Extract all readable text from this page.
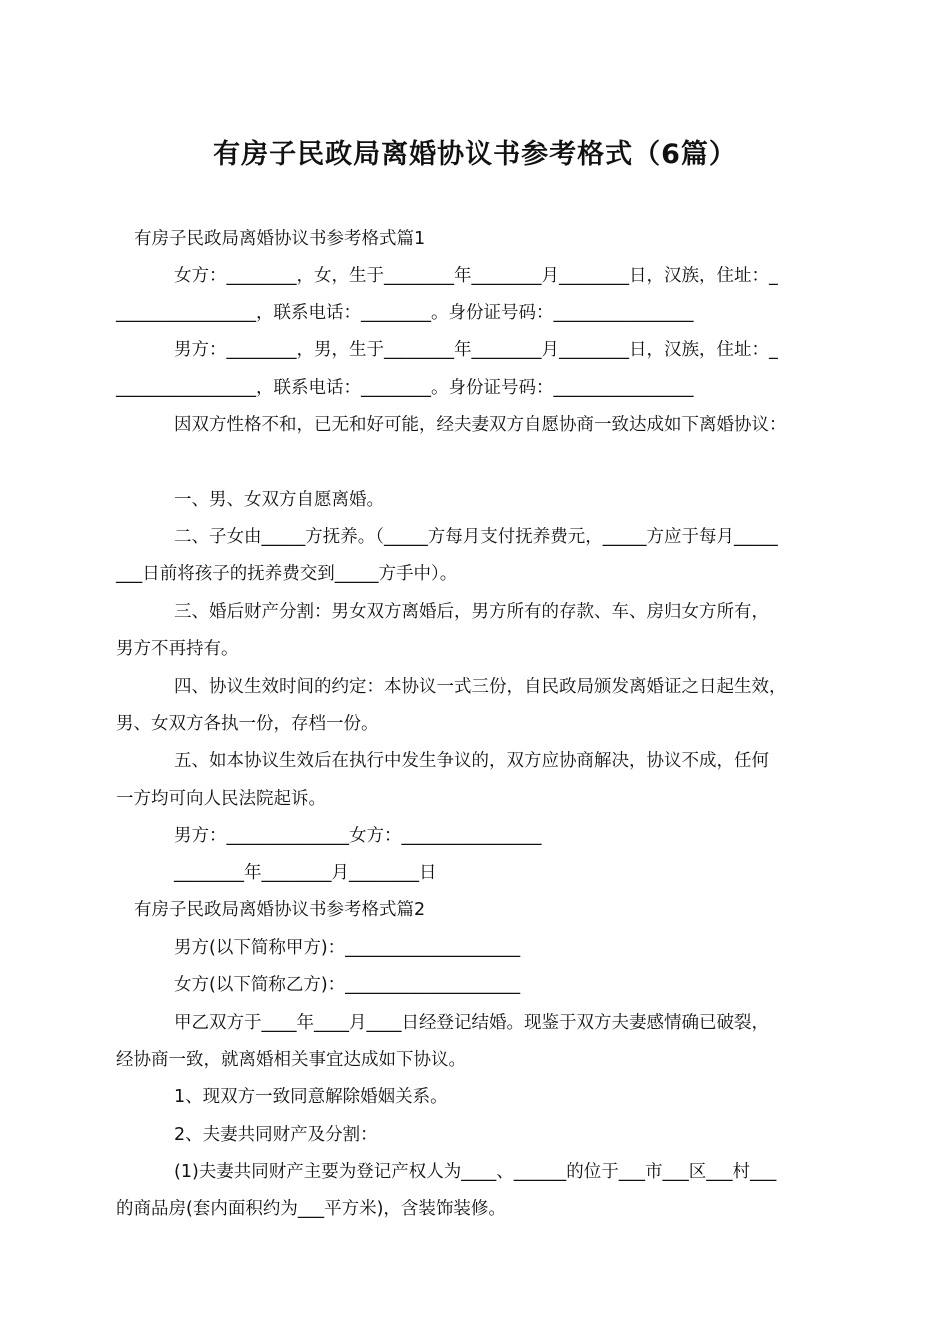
有房子民政局离婚协议书参考格式（6篇）
有房子民政局离婚协议书参考格式篇1
女方：________，女，生于________年________月________日，汉族，住址：_
________________，联系电话：________。身份证号码：________________
男方：________，男，生于________年________月________日，汉族，住址：_
________________，联系电话：________。身份证号码：________________
因双方性格不和，已无和好可能，经夫妻双方自愿协商一致达成如下离婚协议：
一、男、女双方自愿离婚。
二、子女由_____方抚养。（_____方每月支付抚养费元，_____方应于每月_____
___日前将孩子的抚养费交到_____方手中）。
三、婚后财产分割：男女双方离婚后，男方所有的存款、车、房归女方所有，
男方不再持有。
四、协议生效时间的约定：本协议一式三份，自民政局颁发离婚证之日起生效，
男、女双方各执一份，存档一份。
五、如本协议生效后在执行中发生争议的，双方应协商解决，协议不成，任何
一方均可向人民法院起诉。
男方：______________女方：________________
________年________月________日
有房子民政局离婚协议书参考格式篇2
男方(以下简称甲方)：____________________
女方(以下简称乙方)：____________________
甲乙双方于____年____月____日经登记结婚。现鉴于双方夫妻感情确已破裂，
经协商一致，就离婚相关事宜达成如下协议。
1、现双方一致同意解除婚姻关系。
2、夫妻共同财产及分割：
(1)夫妻共同财产主要为登记产权人为____、______的位于___市___区___村___
的商品房(套内面积约为___平方米)，含装饰装修。
